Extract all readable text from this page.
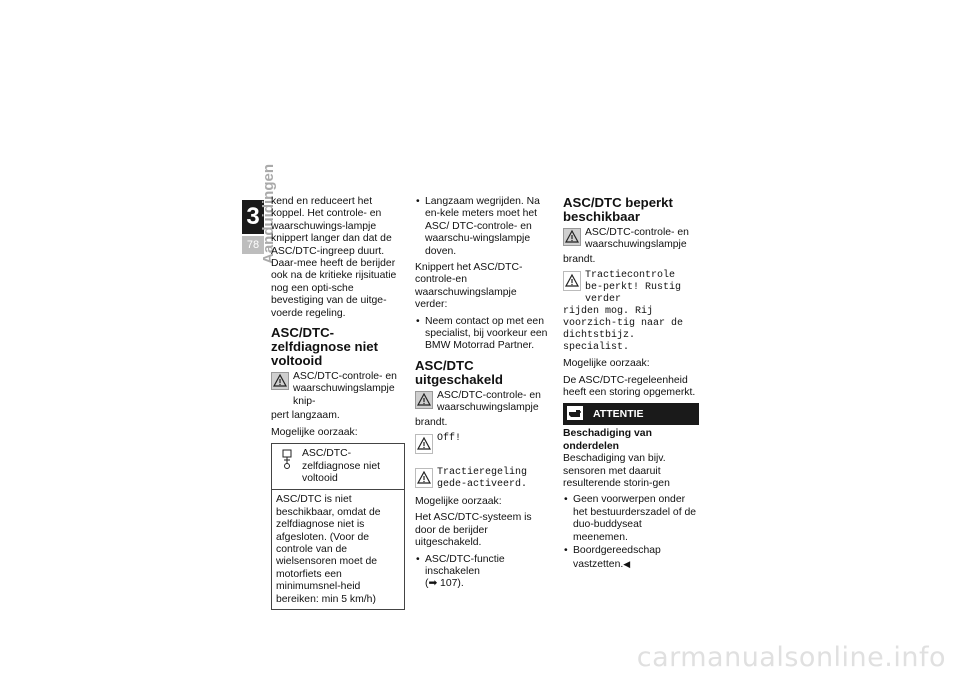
3
78 Aanduidingen

kend en reduceert het koppel. Het controle- en waarschuwings-lampje knippert langer dan dat de ASC/DTC-ingreep duurt. Daar-mee heeft de berijder ook na de kritieke rijsituatie nog een opti-sche bevestiging van de uitge-voerde regeling.

ASC/DTC-zelfdiagnose niet voltooid
ASC/DTC-controle- en waarschuwingslampje knip-

pert langzaam.

Mogelijke oorzaak:

ASC/DTC-zelfdiagnose niet voltooid
ASC/DTC is niet beschikbaar, omdat de zelfdiagnose niet is afgesloten. (Voor de controle van de wielsensoren moet de motorfiets een minimumsnel-heid bereiken: min 5 km/h)
• Langzaam wegrijden. Na en-kele meters moet het ASC/ DTC-controle- en waarschu-wingslampje doven.

Knippert het ASC/DTC-controle-en waarschuwingslampje verder:

• Neem contact op met een specialist, bij voorkeur een BMW Motorrad Partner.
ASC/DTC uitgeschakeld
ASC/DTC-controle- en waarschuwingslampje

brandt.

Off!
Tractieregeling gede-activeerd.

Mogelijke oorzaak:

Het ASC/DTC-systeem is door de berijder uitgeschakeld.

• ASC/DTC-functie inschakelen
(➡ 107).
ASC/DTC beperkt beschikbaar
ASC/DTC-controle- en waarschuwingslampje

brandt.

Tractiecontrole be-perkt! Rustig verder

rijden mog. Rij voorzich-tig naar de dichtstbijz. specialist.

Mogelijke oorzaak:

De ASC/DTC-regeleenheid heeft een storing opgemerkt.

ATTENTIE

Beschadiging van onderdelen

Beschadiging van bijv. sensoren met daaruit resulterende storin-gen

• Geen voorwerpen onder het bestuurderszadel of de duo-buddyseat meenemen.
• Boordgereedschap vastzetten.◀
carmanualsonline.info
